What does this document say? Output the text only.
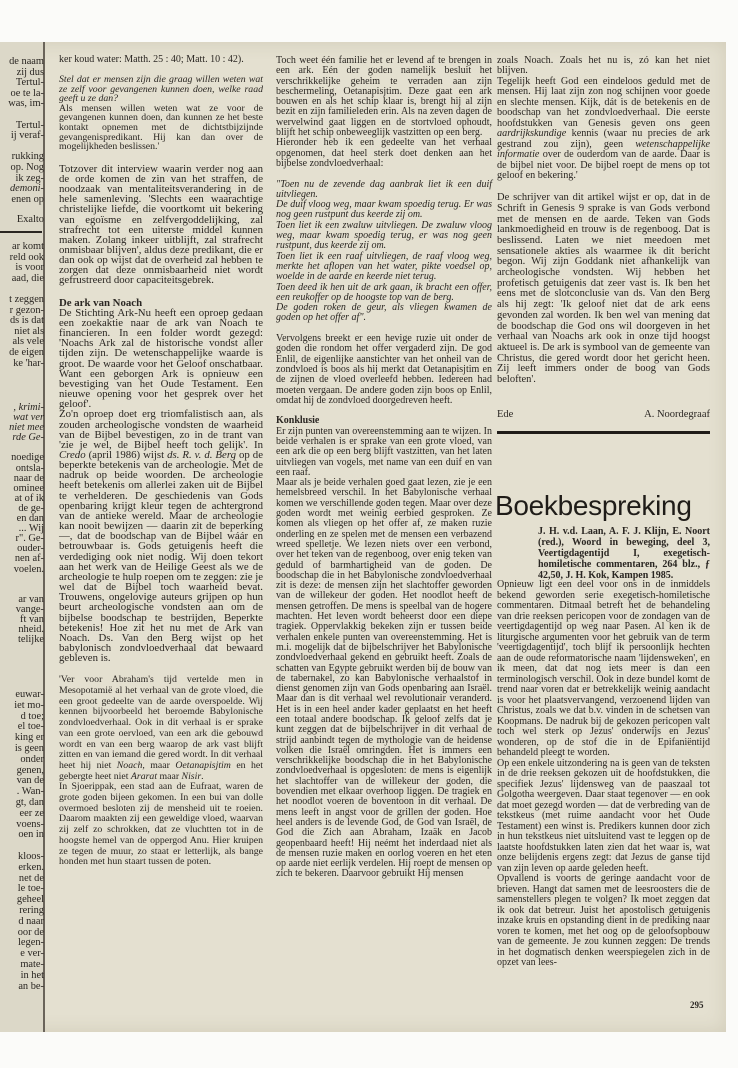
de naam
zij dus
Tertul-
oe te la-
was, im-

Tertul-
ij veraf-

rukking
op. Nog
ik zeg-
demoni-
enen op
Exalto
ar komt
reld ook
is voor
aad, die

t zeggen
r gezon-
ds is dat
niet als
als vele
de eigen
ke 'har-
, krimi-
wat ver
niet mee
rde Ge-

noedige
ontsla-
naar de
ominee
at of ik
de ge-
en dan
... Wij
r". Ge-
ouder-
nen af-
voelen.

ar van
vange-
ft van
nheid.
telijke
euwar-
iet mo-
d toe;
el toe-
king er
is geen
onder
genen,
van de
. Wan-
gt, dan
eer ze
voens-
oen in

kloos-
erken.
net de
le toe-
geheel
rering
d naar
oor de
legen-
e ver-
mate-
in het
an be-

ker koud water: Matth. 25 : 40; Matt. 10 : 42).

Stel dat er mensen zijn die graag willen weten wat ze zelf voor gevangenen kunnen doen, welke raad geeft u ze dan?

Als mensen willen weten wat ze voor de gevangenen kunnen doen, dan kunnen ze het beste kontakt opnemen met de dichtstbijzijnde gevangenispredikant. Hij kan dan over de mogelijkheden beslissen.'

Totzover dit interview waarin verder nog aan de orde komen de zin van het straffen, de noodzaak van mentaliteitsverandering in de hele samenleving. 'Slechts een waarachtige christelijke liefde, die voortkomt uit bekering van egoïsme en zelfvergoddelijking, zal strafrecht tot een uiterste middel kunnen maken. Zolang inkeer uitblijft, zal strafrecht onmisbaar blijven', aldus deze predikant, die er dan ook op wijst dat de overheid zal hebben te zorgen dat deze onmisbaarheid niet wordt gefrustreerd door capaciteitsgebrek.

De ark van Noach

De Stichting Ark-Nu heeft een oproep gedaan een zoekaktie naar de ark van Noach te financieren. In een folder wordt gezegd: 'Noachs Ark zal de historische vondst aller tijden zijn. De wetenschappelijke waarde is groot. De waarde voor het Geloof onschatbaar. Want een geborgen Ark is opnieuw een bevestiging van het Oude Testament. Een nieuwe opening voor het gesprek over het geloof'.

Zo'n oproep doet erg triomfalistisch aan, als zouden archeologische vondsten de waarheid van de Bijbel bevestigen, zo in de trant van 'zie je wel, de Bijbel heeft toch gelijk'. In Credo (april 1986) wijst ds. R. v. d. Berg op de beperkte betekenis van de archeologie. Met de nadruk op beide woorden. De archeologie heeft betekenis om allerlei zaken uit de Bijbel te verhelderen. De geschiedenis van Gods openbaring krijgt kleur tegen de achtergrond van de antieke wereld. Maar de archeologie kan nooit bewijzen — daarin zit de beperking —, dat de boodschap van de Bijbel wáár en betrouwbaar is. Gods getuigenis heeft die verdediging ook niet nodig. Wij doen tekort aan het werk van de Heilige Geest als we de archeologie te hulp roepen om te zeggen: zie je wel dat de Bijbel toch waarheid bevat. Trouwens, ongelovige auteurs grijpen op hun beurt archeologische vondsten aan om de bijbelse boodschap te bestrijden, Beperkte betekenis! Hoe zit het nu met de Ark van Noach. Ds. Van den Berg wijst op het babylonisch zondvloedverhaal dat bewaard gebleven is.

'Ver voor Abraham's tijd vertelde men in Mesopotamië al het verhaal van de grote vloed, die een groot gedeelte van de aarde overspoelde. Wij kennen bijvoorbeeld het beroemde Babylonische zondvloedverhaal. Ook in dit verhaal is er sprake van een grote oervloed, van een ark die gebouwd wordt en van een berg waarop de ark vast blijft zitten en van iemand die gered wordt. In dit verhaal heet hij niet Noach, maar Oetanapisjtim en het gebergte heet niet Ararat maar Nisir.

In Sjoerippak, een stad aan de Eufraat, waren de grote goden bijeen gekomen. In een bui van dolle overmoed besloten zij de mensheid uit te roeien. Daarom maakten zij een geweldige vloed, waarvan zij zelf zo schrokken, dat ze vluchtten tot in de hoogste hemel van de oppergod Anu. Hier kruipen ze tegen de muur, zo staat er letterlijk, als bange honden met hun staart tussen de poten.

Toch weet één familie het er levend af te brengen in een ark. Eén der goden namelijk besluit het verschrikkelijke geheim te verraden aan zijn beschermeling, Oetanapisjtim. Deze gaat een ark bouwen en als het schip klaar is, brengt hij al zijn bezit en zijn familieleden erin. Als na zeven dagen de wervelwind gaat liggen en de stortvloed ophoudt, blijft het schip onbeweeglijk vastzitten op een berg.

Hieronder heb ik een gedeelte van het verhaal opgenomen, dat heel sterk doet denken aan het bijbelse zondvloedverhaal:

"Toen nu de zevende dag aanbrak liet ik een duif uitvliegen.

De duif vloog weg, maar kwam spoedig terug. Er was nog geen rustpunt dus keerde zij om.

Toen liet ik een zwaluw uitvliegen. De zwaluw vloog weg, maar kwam spoedig terug, er was nog geen rustpunt, dus keerde zij om.

Toen liet ik een raaf uitvliegen, de raaf vloog weg, merkte het aflopen van het water, pikte voedsel op, woelde in de aarde en keerde niet terug.

Toen deed ik hen uit de ark gaan, ik bracht een offer, een reukoffer op de hoogste top van de berg.

De goden roken de geur, als vliegen kwamen de goden op het offer af".

Vervolgens breekt er een hevige ruzie uit onder de goden die rondom het offer vergaderd zijn. De god Enlil, de eigenlijke aanstichter van het onheil van de zondvloed is boos als hij merkt dat Oetanapisjtim en de zijnen de vloed overleefd hebben. Iedereen had moeten vergaan. De andere goden zijn boos op Enlil, omdat hij de zondvloed doorgedreven heeft.

Konklusie

Er zijn punten van overeenstemming aan te wijzen. In beide verhalen is er sprake van een grote vloed, van een ark die op een berg blijft vastzitten, van het laten uitvliegen van vogels, met name van een duif en van een raaf.

Maar als je beide verhalen goed gaat lezen, zie je een hemelsbreed verschil. In het Babylonische verhaal komen we verschillende goden tegen. Maar over deze goden wordt met weinig eerbied gesproken. Ze komen als vliegen op het offer af, ze maken ruzie onderling en ze spelen met de mensen een verbazend wreed spelletje. We lezen niets over een verbond, over het teken van de regenboog, over enig teken van geduld of barmhartigheid van de goden. De boodschap die in het Babylonische zondvloedverhaal zit is deze: de mensen zijn het slachtoffer geworden van de willekeur der goden. Het noodlot heeft de mensen getroffen. De mens is speelbal van de hogere machten. Het leven wordt beheerst door een diepe tragiek. Oppervlakkig bekeken zijn er tussen beide verhalen enkele punten van overeenstemming. Het is m.i. mogelijk dat de bijbelschrijver het Babylonische zondvloedverhaal gekend en gebruikt heeft. Zoals de schatten van Egypte gebruikt werden bij de bouw van de tabernakel, zo kan Babylonische verhaalstof in dienst genomen zijn van Gods openbaring aan Israël. Maar dan is dit verhaal wel revolutionair veranderd. Het is in een heel ander kader geplaatst en het heeft een totaal andere boodschap. Ik geloof zelfs dat je kunt zeggen dat de bijbelschrijver in dit verhaal de strijd aanbindt tegen de mythologie van de heidense volken die Israël omringden. Het is immers een verschrikkelijke boodschap die in het Babylonische zondvloedverhaal is opgesloten: de mens is eigenlijk het slachtoffer van de willekeur der goden, die bovendien met elkaar overhoop liggen. De tragiek en het noodlot voeren de boventoon in dit verhaal. De mens leeft in angst voor de grillen der goden. Hoe heel anders is de levende God, de God van Israël, de God die Zich aan Abraham, Izaäk en Jacob geopenbaard heeft! Hij neémt het inderdaad niet als de mensen ruzie maken en oorlog voeren en het eten op aarde niet eerlijk verdelen. Hij roept de mensen op zich te bekeren. Daarvoor gebruikt Hij mensen

zoals Noach. Zoals het nu is, zó kan het niet blijven.

Tegelijk heeft God een eindeloos geduld met de mensen. Hij laat zijn zon nog schijnen voor goede en slechte mensen. Kijk, dát is de betekenis en de boodschap van het zondvloedverhaal. Die eerste hoofdstukken van Genesis geven ons geen aardrijkskundige kennis (waar nu precies de ark gestrand zou zijn), geen wetenschappelijke informatie over de ouderdom van de aarde. Daar is de bijbel niet voor. De bijbel roept de mens op tot geloof en bekering.'

De schrijver van dit artikel wijst er op, dat in de Schrift in Genesis 9 sprake is van Gods verbond met de mensen en de aarde. Teken van Gods lankmoedigheid en trouw is de regenboog. Dat is beslissend. Laten we niet meedoen met sensationele akties als waarmee ik dit bericht begon. Wij zijn Goddank niet afhankelijk van archeologische vondsten. Wij hebben het profetisch getuigenis dat zeer vast is. Ik ben het eens met de slotconclusie van ds. Van den Berg als hij zegt: 'Ik geloof niet dat de ark eens gevonden zal worden. Ik ben wel van mening dat de boodschap die God ons wil doorgeven in het verhaal van Noachs ark ook in onze tijd hoogst aktueel is. De ark is symbool van de gemeente van Christus, die gered wordt door het gericht heen. Zij leeft immers onder de boog van Gods beloften'.

Ede	A. Noordegraaf
Boekbespreking
J. H. v.d. Laan, A. F. J. Klijn, E. Noort (red.), Woord in beweging, deel 3, Veertigdagentijd I, exegetisch-homiletische commentaren, 264 blz., ƒ 42,50, J. H. Kok, Kampen 1985.

Opnieuw ligt een deel voor ons in de inmiddels bekend geworden serie exegetisch-homiletische commentaren. Ditmaal betreft het de behandeling van drie reeksen pericopen voor de zondagen van de veertigdagentijd op weg naar Pasen. Al ken ik de liturgische argumenten voor het gebruik van de term 'veertigdagentijd', toch blijf ik persoonlijk hechten aan de oude reformatorische naam 'lijdensweken', en ik meen, dat dat nog iets meer is dan een terminologisch verschil. Ook in deze bundel komt de trend naar voren dat er betrekkelijk weinig aandacht is voor het plaatsvervangend, verzoenend lijden van Christus, zoals we dat b.v. vinden in de schetsen van Koopmans. De nadruk bij de gekozen pericopen valt toch wel sterk op Jezus' onderwijs en Jezus' wonderen, op de stof die in de Epifaniëntijd behandeld pleegt te worden.

Op een enkele uitzondering na is geen van de teksten in de drie reeksen gekozen uit de hoofdstukken, die specifiek Jezus' lijdensweg van de paaszaal tot Golgotha weergeven. Daar staat tegenover — en ook dat moet gezegd worden — dat de verbreding van de tekstkeus (met ruime aandacht voor het Oude Testament) een winst is. Predikers kunnen door zich in hun tekstkeus niet uitsluitend vast te leggen op de laatste hoofdstukken laten zien dat het waar is, wat onze belijdenis ergens zegt: dat Jezus de ganse tijd van zijn leven op aarde geleden heeft.

Opvallend is voorts de geringe aandacht voor de brieven. Hangt dat samen met de leesroosters die de samenstellers plegen te volgen? Ik moet zeggen dat ik ook dat betreur. Juist het apostolisch getuigenis inzake kruis en opstanding dient in de prediking naar voren te komen, met het oog op de geloofsopbouw van de gemeente. Je zou kunnen zeggen: De trends in het dogmatisch denken weerspiegelen zich in de opzet van lees-

295
